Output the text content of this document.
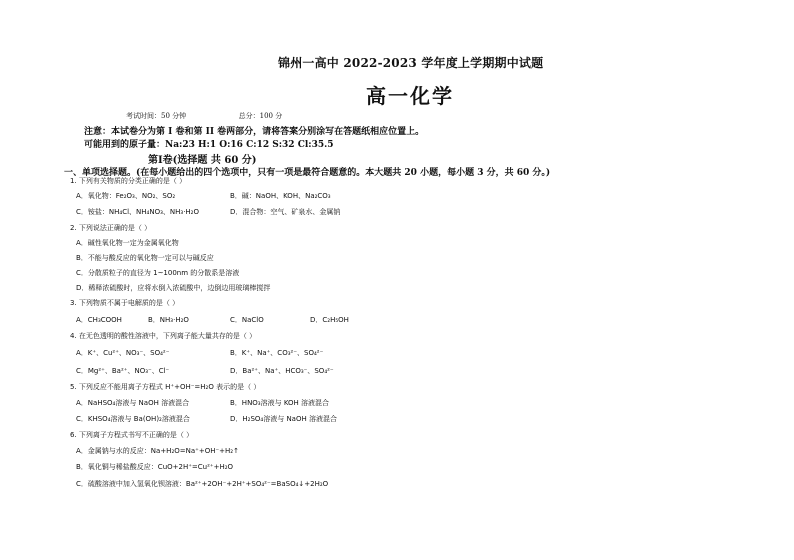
锦州一高中 2022-2023 学年度上学期期中试题
高一化学
考试时间：50 分钟	总分：100 分
注意：本试卷分为第 I 卷和第 II 卷两部分，请将答案分别涂写在答题纸相应位置上。
可能用到的原子量：Na:23 H:1 O:16 C:12 S:32 Cl:35.5
第Ⅰ卷(选择题 共 60 分)
一、单项选择题。(在每小题给出的四个选项中，只有一项是最符合题意的。本大题共 20 小题，每小题 3 分，共 60 分。)
1. 下列有关物质的分类正确的是（ ）
A．氧化物：Fe₂O₃、NO₂、SO₂	B．碱：NaOH、KOH、Na₂CO₃
C．铵盐：NH₄Cl、NH₄NO₃、NH₃·H₂O	D．混合物：空气、矿泉水、金属钠
2. 下列说法正确的是（ ）
A．碱性氧化物一定为金属氧化物
B．不能与酸反应的氧化物一定可以与碱反应
C．分散质粒子的直径为 1~100nm 的分散系是溶液
D．稀释浓硫酸时，应将水倒入浓硫酸中，边倒边用玻璃棒搅拌
3. 下列物质不属于电解质的是（ ）
A．CH₃COOH	B．NH₃·H₂O	C．NaClO	D．C₂H₅OH
4. 在无色透明的酸性溶液中，下列离子能大量共存的是（ ）
A．K⁺、Cu²⁺、NO₃⁻、SO₄²⁻	B．K⁺、Na⁺、CO₃²⁻、SO₄²⁻
C．Mg²⁺、Ba²⁺、NO₃⁻、Cl⁻	D．Ba²⁺、Na⁺、HCO₃⁻、SO₄²⁻
5. 下列反应不能用离子方程式 H⁺+OH⁻=H₂O 表示的是（ ）
A．NaHSO₄溶液与 NaOH 溶液混合	B．HNO₃溶液与 KOH 溶液混合
C．KHSO₄溶液与 Ba(OH)₂溶液混合	D．H₂SO₄溶液与 NaOH 溶液混合
6. 下列离子方程式书写不正确的是（ ）
A．金属钠与水的反应：Na+H₂O=Na⁺+OH⁻+H₂↑
B．氧化铜与稀盐酸反应：CuO+2H⁺=Cu²⁺+H₂O
C．硫酸溶液中加入氢氧化钡溶液：Ba²⁺+2OH⁻+2H⁺+SO₄²⁻=BaSO₄↓+2H₂O
